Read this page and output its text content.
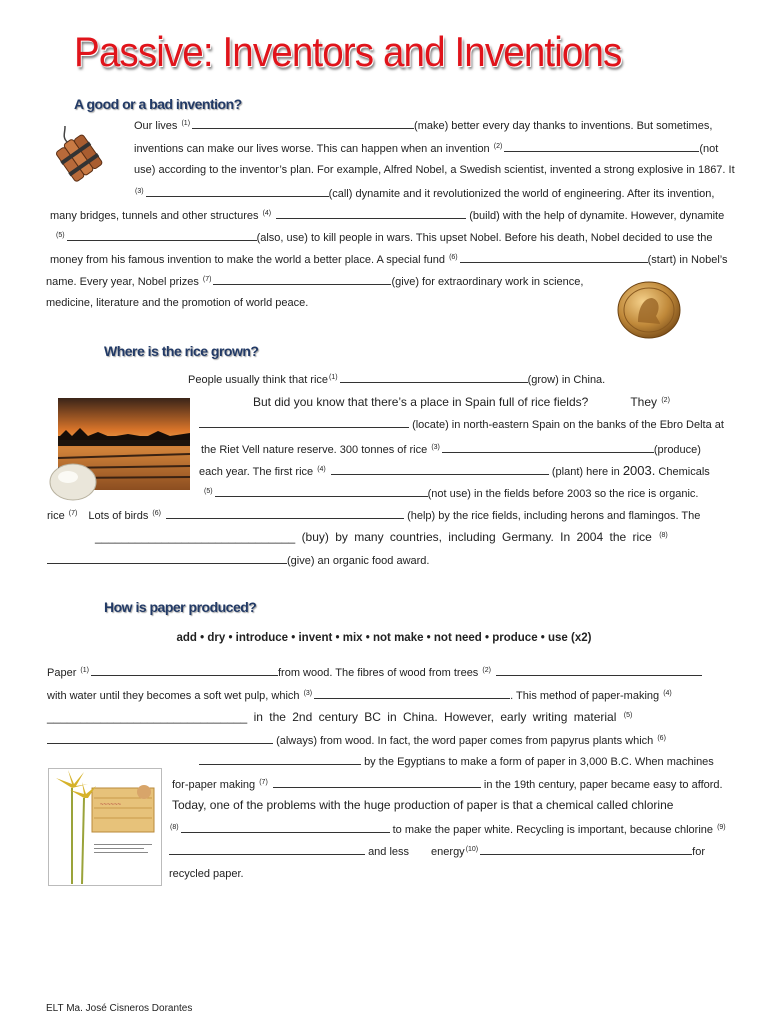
Passive: Inventors and Inventions
A good or a bad invention?
Our lives $^{(1)}$	(make) better every day thanks to inventions. But sometimes,
inventions can make our lives worse. This can happen when an invention $^{(2)}$	(not
use) according to the inventor’s plan. For example, Alfred Nobel, a Swedish scientist, invented a strong explosive in 1867. It
$^{(3)}$	(call) dynamite and it revolutionized the world of engineering. After its invention,
many bridges, tunnels and other structures $^{(4)}$	(build) with the help of dynamite. However, dynamite
$^{(5)}$	(also, use) to kill people in wars. This upset Nobel. Before his death, Nobel decided to use the
money from his famous invention to make the world a better place. A special fund $^{(6)}$	(start) in Nobel’s
name. Every year, Nobel prizes $^{(7)}$	(give) for extraordinary work in science,
medicine, literature and the promotion of world peace.
Where is the rice grown?
People usually think that rice$^{(1)}$	(grow) in China.
But did you know that there’s a place in Spain full of rice fields?	They $^{(2)}$
(locate) in north-eastern Spain on the banks of the Ebro Delta at
the Riet Vell nature reserve. 300 tonnes of rice $^{(3)}$	(produce)
each year. The first rice $^{(4)}$	(plant) here in 2003. Chemicals
$^{(5)}$	(not use) in the fields before 2003 so the rice is organic.
rice $^{(7)}$ Lots of birds $^{(6)}$	(help) by the rice fields, including herons and flamingos. The
______________________________ (buy) by many countries, including Germany. In 2004 the rice $^{(8)}$
(give) an organic food award.
How is paper produced?
add • dry • introduce • invent • mix • not make • not need • produce • use (x2)
Paper $^{(1)}$	from wood. The fibres of wood from trees $^{(2)}$
with water until they becomes a soft wet pulp, which $^{(3)}$	. This method of paper-making $^{(4)}$
______________________________ in the 2nd century BC in China. However, early writing material $^{(5)}$
(always) from wood. In fact, the word paper comes from papyrus plants which $^{(6)}$
~~~~~~
by the Egyptians to make a form of paper in 3,000 B.C. When machines
for-paper making $^{(7)}$	in the 19th century, paper became easy to afford.
Today, one of the problems with the huge production of paper is that a chemical called chlorine
$^{(8)}$	to make the paper white. Recycling is important, because chlorine $^{(9)}$
and less energy$^{(10)}$	for
recycled paper.
ELT Ma. José Cisneros Dorantes
